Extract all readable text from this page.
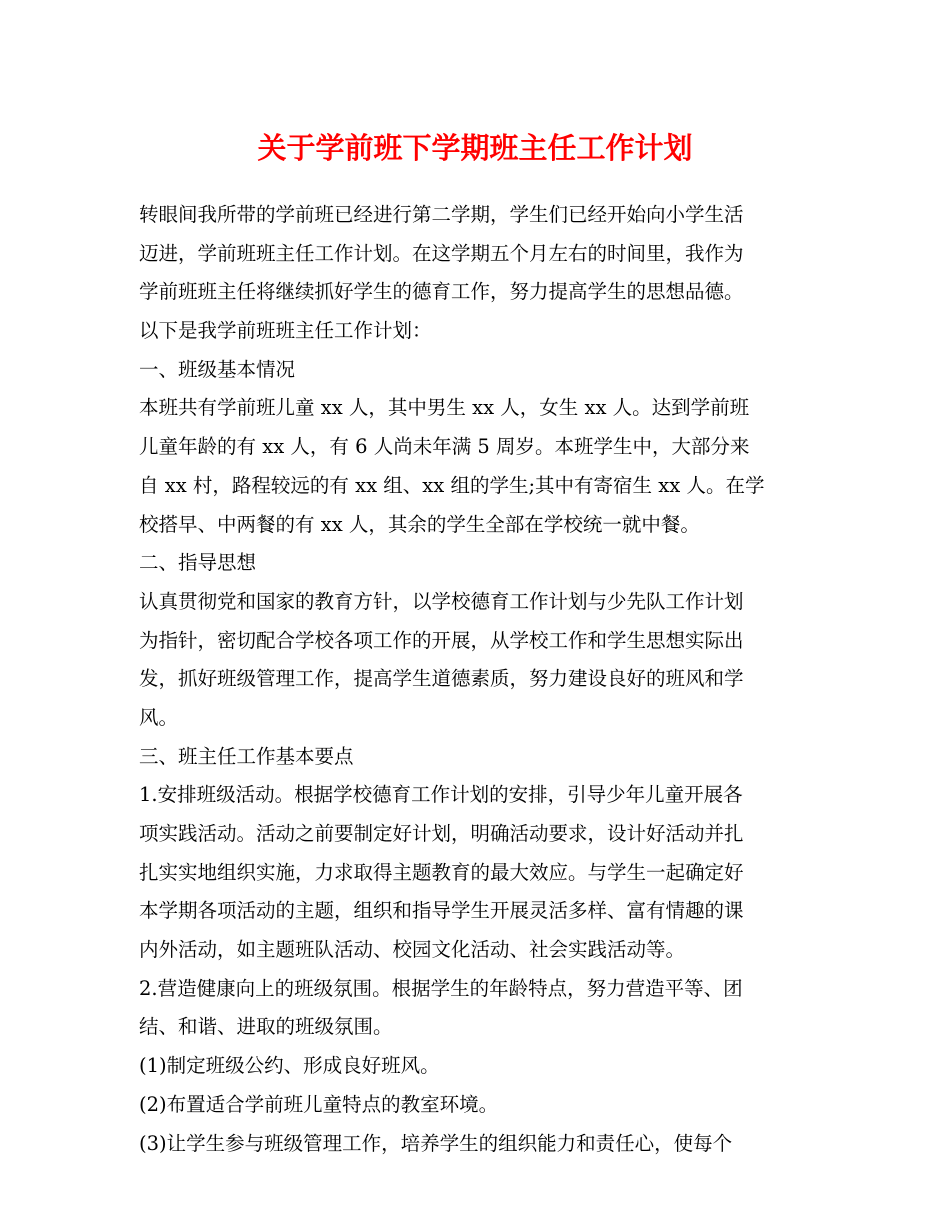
关于学前班下学期班主任工作计划
转眼间我所带的学前班已经进行第二学期，学生们已经开始向小学生活
迈进，学前班班主任工作计划。在这学期五个月左右的时间里，我作为
学前班班主任将继续抓好学生的德育工作，努力提高学生的思想品德。
以下是我学前班班主任工作计划：
一、班级基本情况
本班共有学前班儿童 xx 人，其中男生 xx 人，女生 xx 人。达到学前班
儿童年龄的有 xx 人，有 6 人尚未年满 5 周岁。本班学生中，大部分来
自 xx 村，路程较远的有 xx 组、xx 组的学生;其中有寄宿生 xx 人。在学
校搭早、中两餐的有 xx 人，其余的学生全部在学校统一就中餐。
二、指导思想
认真贯彻党和国家的教育方针，以学校德育工作计划与少先队工作计划
为指针，密切配合学校各项工作的开展，从学校工作和学生思想实际出
发，抓好班级管理工作，提高学生道德素质，努力建设良好的班风和学
风。
三、班主任工作基本要点
1.安排班级活动。根据学校德育工作计划的安排，引导少年儿童开展各
项实践活动。活动之前要制定好计划，明确活动要求，设计好活动并扎
扎实实地组织实施，力求取得主题教育的最大效应。与学生一起确定好
本学期各项活动的主题，组织和指导学生开展灵活多样、富有情趣的课
内外活动，如主题班队活动、校园文化活动、社会实践活动等。
2.营造健康向上的班级氛围。根据学生的年龄特点，努力营造平等、团
结、和谐、进取的班级氛围。
(1)制定班级公约、形成良好班风。
(2)布置适合学前班儿童特点的教室环境。
(3)让学生参与班级管理工作，培养学生的组织能力和责任心，使每个
